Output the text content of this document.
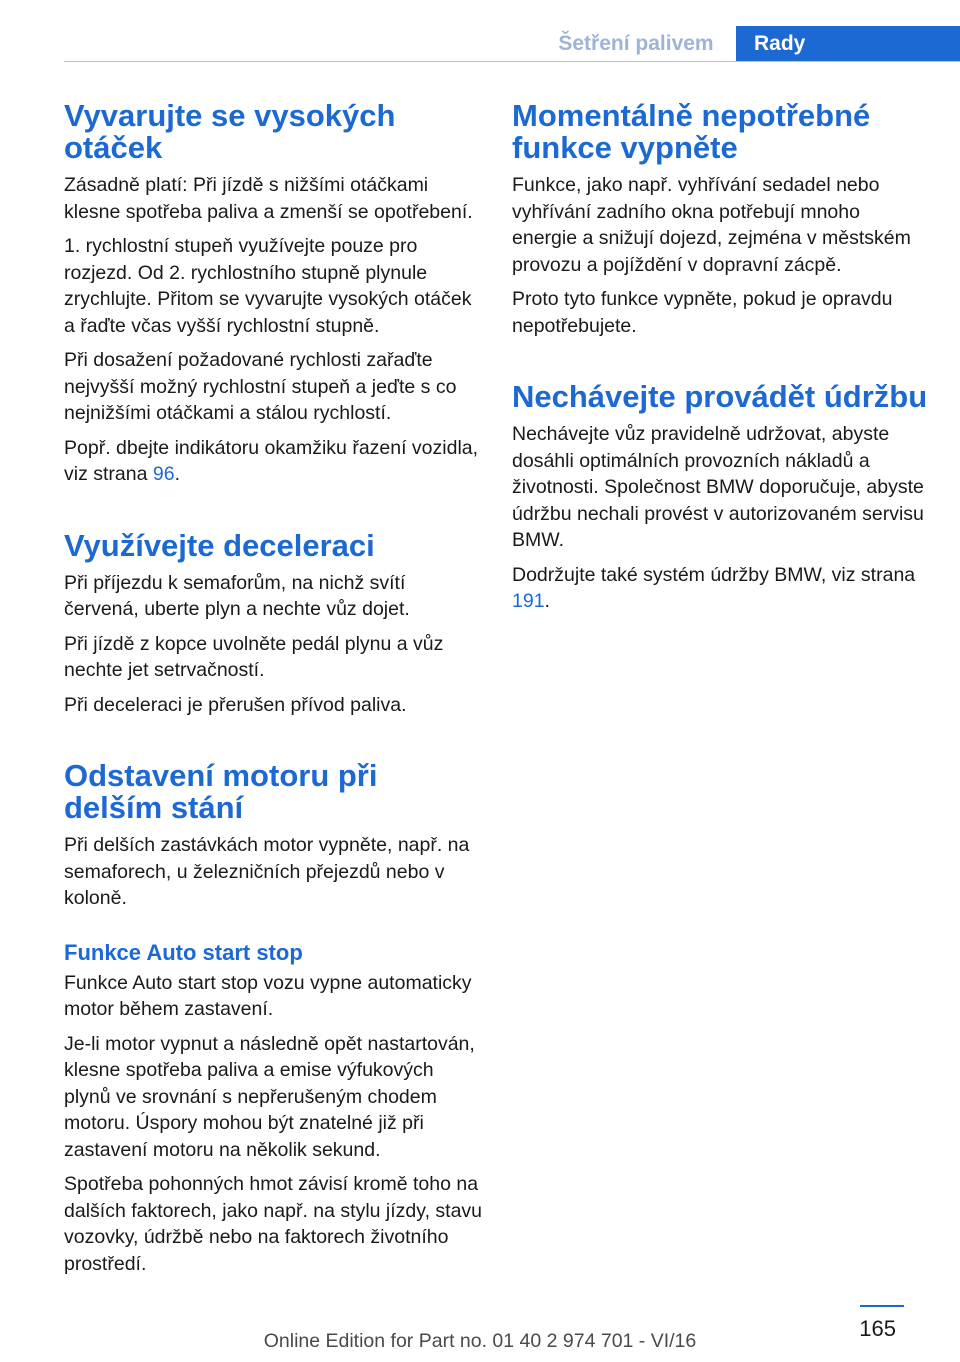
Šetření palivem	Rady
Vyvarujte se vysokých otáček

Zásadně platí: Při jízdě s nižšími otáčkami klesne spotřeba paliva a zmenší se opotřebení.

1. rychlostní stupeň využívejte pouze pro rozjezd. Od 2. rychlostního stupně plynule zrychlujte. Přitom se vyvarujte vysokých otáček a řaďte včas vyšší rychlostní stupně.

Při dosažení požadované rychlosti zařaďte nejvyšší možný rychlostní stupeň a jeďte s co nejnižšími otáčkami a stálou rychlostí.

Popř. dbejte indikátoru okamžiku řazení vozidla, viz strana 96.

Využívejte deceleraci

Při příjezdu k semaforům, na nichž svítí červená, uberte plyn a nechte vůz dojet.

Při jízdě z kopce uvolněte pedál plynu a vůz nechte jet setrvačností.

Při deceleraci je přerušen přívod paliva.

Odstavení motoru při delším stání

Při delších zastávkách motor vypněte, např. na semaforech, u železničních přejezdů nebo v koloně.

Funkce Auto start stop

Funkce Auto start stop vozu vypne automaticky motor během zastavení.

Je-li motor vypnut a následně opět nastartován, klesne spotřeba paliva a emise výfukových plynů ve srovnání s nepřerušeným chodem motoru. Úspory mohou být znatelné již při zastavení motoru na několik sekund.

Spotřeba pohonných hmot závisí kromě toho na dalších faktorech, jako např. na stylu jízdy, stavu vozovky, údržbě nebo na faktorech životního prostředí.

Momentálně nepotřebné funkce vypněte

Funkce, jako např. vyhřívání sedadel nebo vyhřívání zadního okna potřebují mnoho energie a snižují dojezd, zejména v městském provozu a pojíždění v dopravní zácpě.

Proto tyto funkce vypněte, pokud je opravdu nepotřebujete.

Nechávejte provádět údržbu

Nechávejte vůz pravidelně udržovat, abyste dosáhli optimálních provozních nákladů a životnosti. Společnost BMW doporučuje, abyste údržbu nechali provést v autorizovaném servisu BMW.

Dodržujte také systém údržby BMW, viz strana 191.

165
Online Edition for Part no. 01 40 2 974 701 - VI/16
